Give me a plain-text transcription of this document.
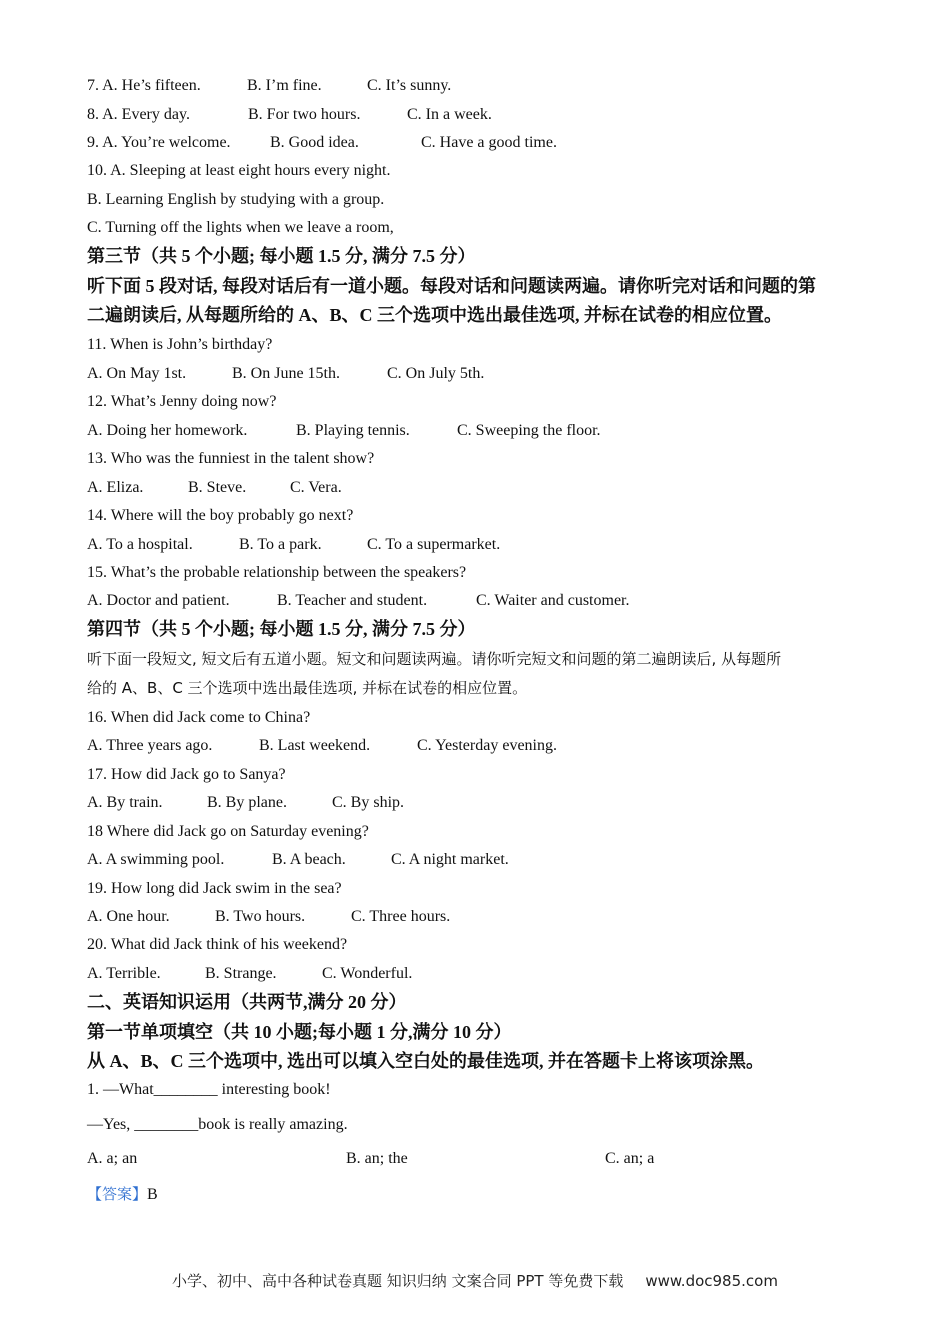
7. A. He’s fifteen.	B. I’m fine.	C. It’s sunny.
8. A. Every day.	B. For two hours.	C. In a week.
9. A. You’re welcome. B. Good idea.	C. Have a good time.
10. A. Sleeping at least eight hours every night.
B. Learning English by studying with a group.
C. Turning off the lights when we leave a room,
第三节（共 5 个小题; 每小题 1.5 分, 满分 7.5 分）
听下面 5 段对话, 每段对话后有一道小题。每段对话和问题读两遍。请你听完对话和问题的第
二遍朗读后, 从每题所给的 A、B、C 三个选项中选出最佳选项, 并标在试卷的相应位置。
11. When is John’s birthday?
A. On May 1st.	B. On June 15th.	C. On July 5th.
12. What’s Jenny doing now?
A. Doing her homework.	B. Playing tennis.	C. Sweeping the floor.
13. Who was the funniest in the talent show?
A. Eliza.	B. Steve.	C. Vera.
14. Where will the boy probably go next?
A. To a hospital.	B. To a park.	C. To a supermarket.
15. What’s the probable relationship between the speakers?
A. Doctor and patient.	B. Teacher and student.	C. Waiter and customer.
第四节（共 5 个小题; 每小题 1.5 分, 满分 7.5 分）
听下面一段短文, 短文后有五道小题。短文和问题读两遍。请你听完短文和问题的第二遍朗读后, 从每题所
给的 A、B、C 三个选项中选出最佳选项, 并标在试卷的相应位置。
16. When did Jack come to China?
A. Three years ago.	B. Last weekend.	C. Yesterday evening.
17. How did Jack go to Sanya?
A. By train.	B. By plane.	C. By ship.
18 Where did Jack go on Saturday evening?
A. A swimming pool.	B. A beach.	C. A night market.
19. How long did Jack swim in the sea?
A. One hour.	B. Two hours.	C. Three hours.
20. What did Jack think of his weekend?
A. Terrible.	B. Strange.	C. Wonderful.
二、英语知识运用（共两节,满分 20 分）
第一节单项填空（共 10 小题;每小题 1 分,满分 10 分）
从 A、B、C 三个选项中, 选出可以填入空白处的最佳选项, 并在答题卡上将该项涂黑。
1. —What________ interesting book!
—Yes, ________book is really amazing.
A. a; an	B. an; the	C. an; a
【答案】B
小学、初中、高中各种试卷真题 知识归纳 文案合同 PPT 等免费下载 www.doc985.com
